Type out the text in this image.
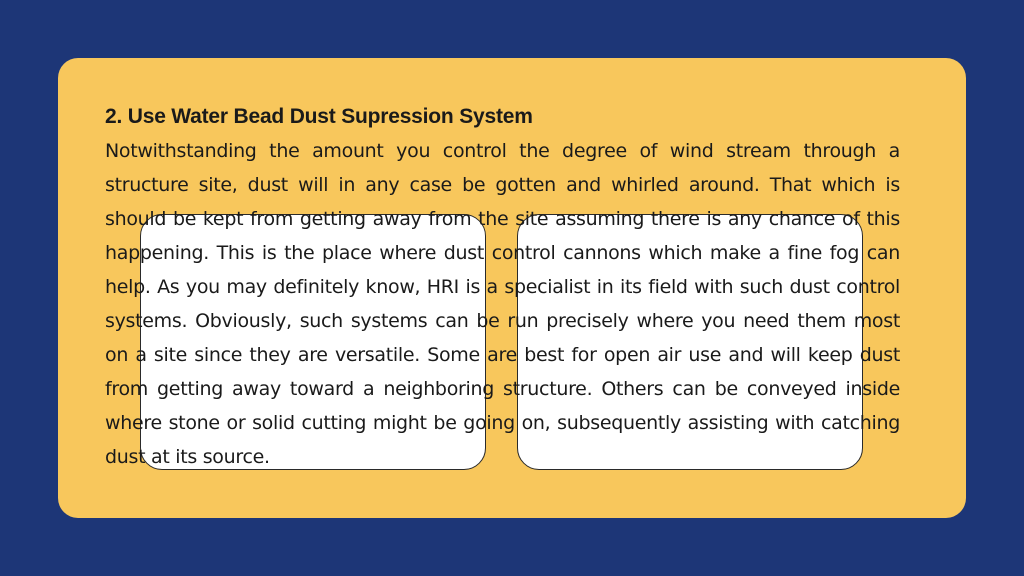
2. Use Water Bead Dust Supression System

Notwithstanding the amount you control the degree of wind stream through a structure site, dust will in any case be gotten and whirled around. That which is should be kept from getting away from the site assuming there is any chance of this happening. This is the place where dust control cannons which make a fine fog can help. As you may definitely know, HRI is a specialist in its field with such dust control systems. Obviously, such systems can be run precisely where you need them most on a site since they are versatile. Some are best for open air use and will keep dust from getting away toward a neighboring structure. Others can be conveyed inside where stone or solid cutting might be going on, subsequently assisting with catching dust at its source.
